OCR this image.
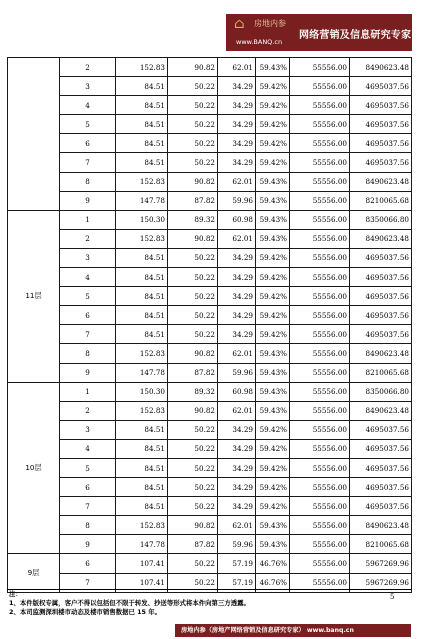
⌂ 房地内参
www.BANQ.cn
网络营销及信息研究专家
	2	152.83	90.82	62.01	59.43%	55556.00	8490623.48
	3	84.51	50.22	34.29	59.42%	55556.00	4695037.56
	4	84.51	50.22	34.29	59.42%	55556.00	4695037.56
	5	84.51	50.22	34.29	59.42%	55556.00	4695037.56
	6	84.51	50.22	34.29	59.42%	55556.00	4695037.56
	7	84.51	50.22	34.29	59.42%	55556.00	4695037.56
	8	152.83	90.82	62.01	59.43%	55556.00	8490623.48
	9	147.78	87.82	59.96	59.43%	55556.00	8210065.68
11层	1	150.30	89.32	60.98	59.43%	55556.00	8350066.80
	2	152.83	90.82	62.01	59.43%	55556.00	8490623.48
	3	84.51	50.22	34.29	59.42%	55556.00	4695037.56
	4	84.51	50.22	34.29	59.42%	55556.00	4695037.56
	5	84.51	50.22	34.29	59.42%	55556.00	4695037.56
	6	84.51	50.22	34.29	59.42%	55556.00	4695037.56
	7	84.51	50.22	34.29	59.42%	55556.00	4695037.56
	8	152.83	90.82	62.01	59.43%	55556.00	8490623.48
	9	147.78	87.82	59.96	59.43%	55556.00	8210065.68
10层	1	150.30	89.32	60.98	59.43%	55556.00	8350066.80
	2	152.83	90.82	62.01	59.43%	55556.00	8490623.48
	3	84.51	50.22	34.29	59.42%	55556.00	4695037.56
	4	84.51	50.22	34.29	59.42%	55556.00	4695037.56
	5	84.51	50.22	34.29	59.42%	55556.00	4695037.56
	6	84.51	50.22	34.29	59.42%	55556.00	4695037.56
	7	84.51	50.22	34.29	59.42%	55556.00	4695037.56
	8	152.83	90.82	62.01	59.43%	55556.00	8490623.48
	9	147.78	87.82	59.96	59.43%	55556.00	8210065.68
9层	6	107.41	50.22	57.19	46.76%	55556.00	5967269.96
	7	107.41	50.22	57.19	46.76%	55556.00	5967269.96
5
注：
1、本件版权专属，客户不得以包括但不限于转发、抄送等形式将本件向第三方透露。
2、本司监测深圳楼市动态及楼市销售数据已 15 年。
房地内参（房地产网络营销及信息研究专家） www.banq.cn
